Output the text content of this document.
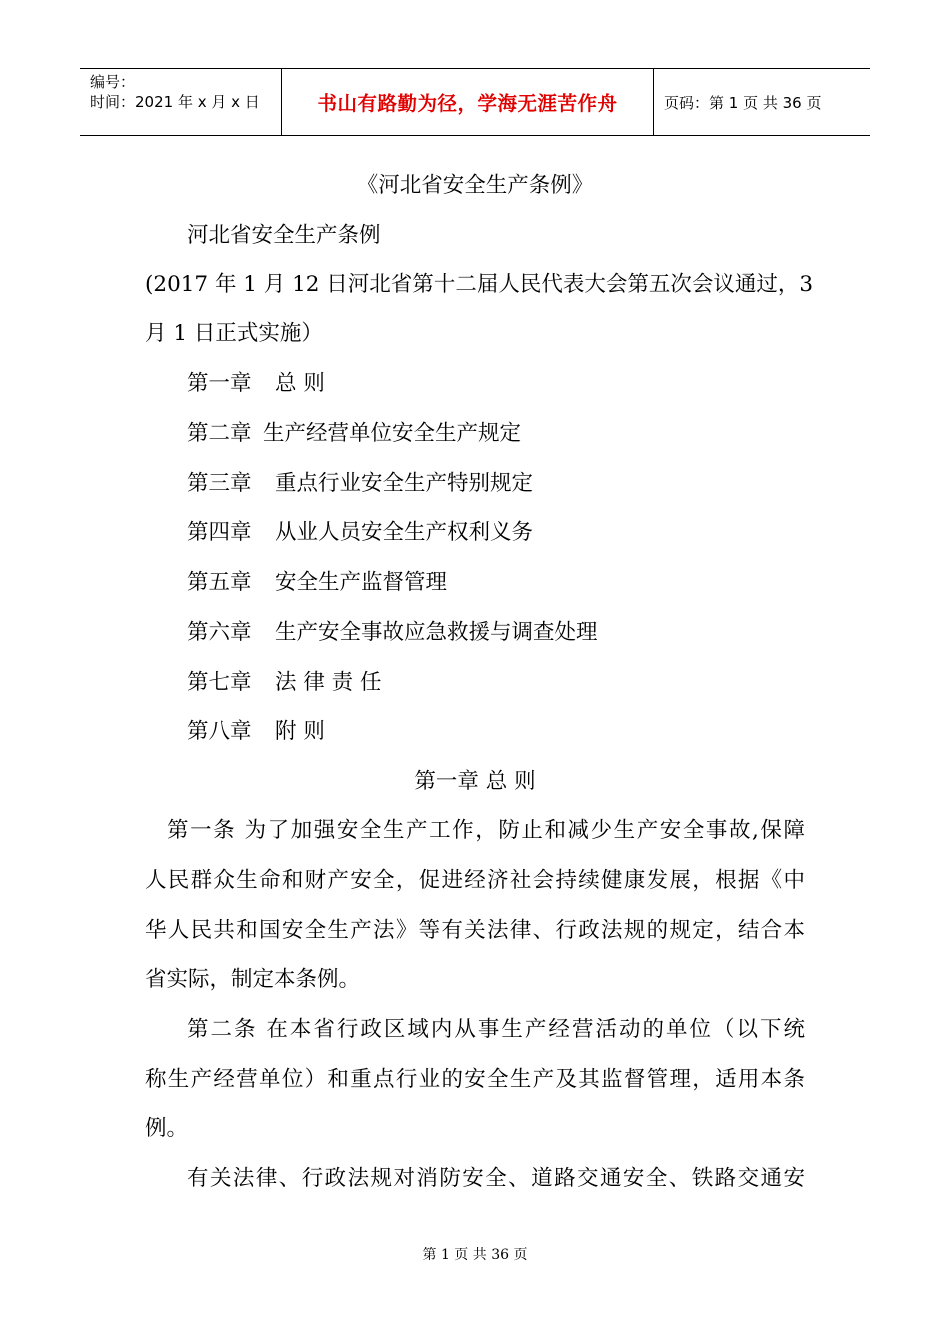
编号：
时间：2021 年 x 月 x 日	书山有路勤为径，学海无涯苦作舟	页码：第 1 页 共 36 页
《河北省安全生产条例》
河北省安全生产条例
(2017 年 1 月 12 日河北省第十二届人民代表大会第五次会议通过，3
月 1 日正式实施）
第一章 总 则
第二章 生产经营单位安全生产规定
第三章 重点行业安全生产特别规定
第四章 从业人员安全生产权利义务
第五章 安全生产监督管理
第六章 生产安全事故应急救援与调查处理
第七章 法 律 责 任
第八章 附 则
第一章 总 则
第一条 为了加强安全生产工作，防止和减少生产安全事故,保障
人民群众生命和财产安全，促进经济社会持续健康发展，根据《中
华人民共和国安全生产法》等有关法律、行政法规的规定，结合本
省实际，制定本条例。
第二条 在本省行政区域内从事生产经营活动的单位（以下统
称生产经营单位）和重点行业的安全生产及其监督管理，适用本条
例。
有关法律、行政法规对消防安全、道路交通安全、铁路交通安
第 1 页 共 36 页
